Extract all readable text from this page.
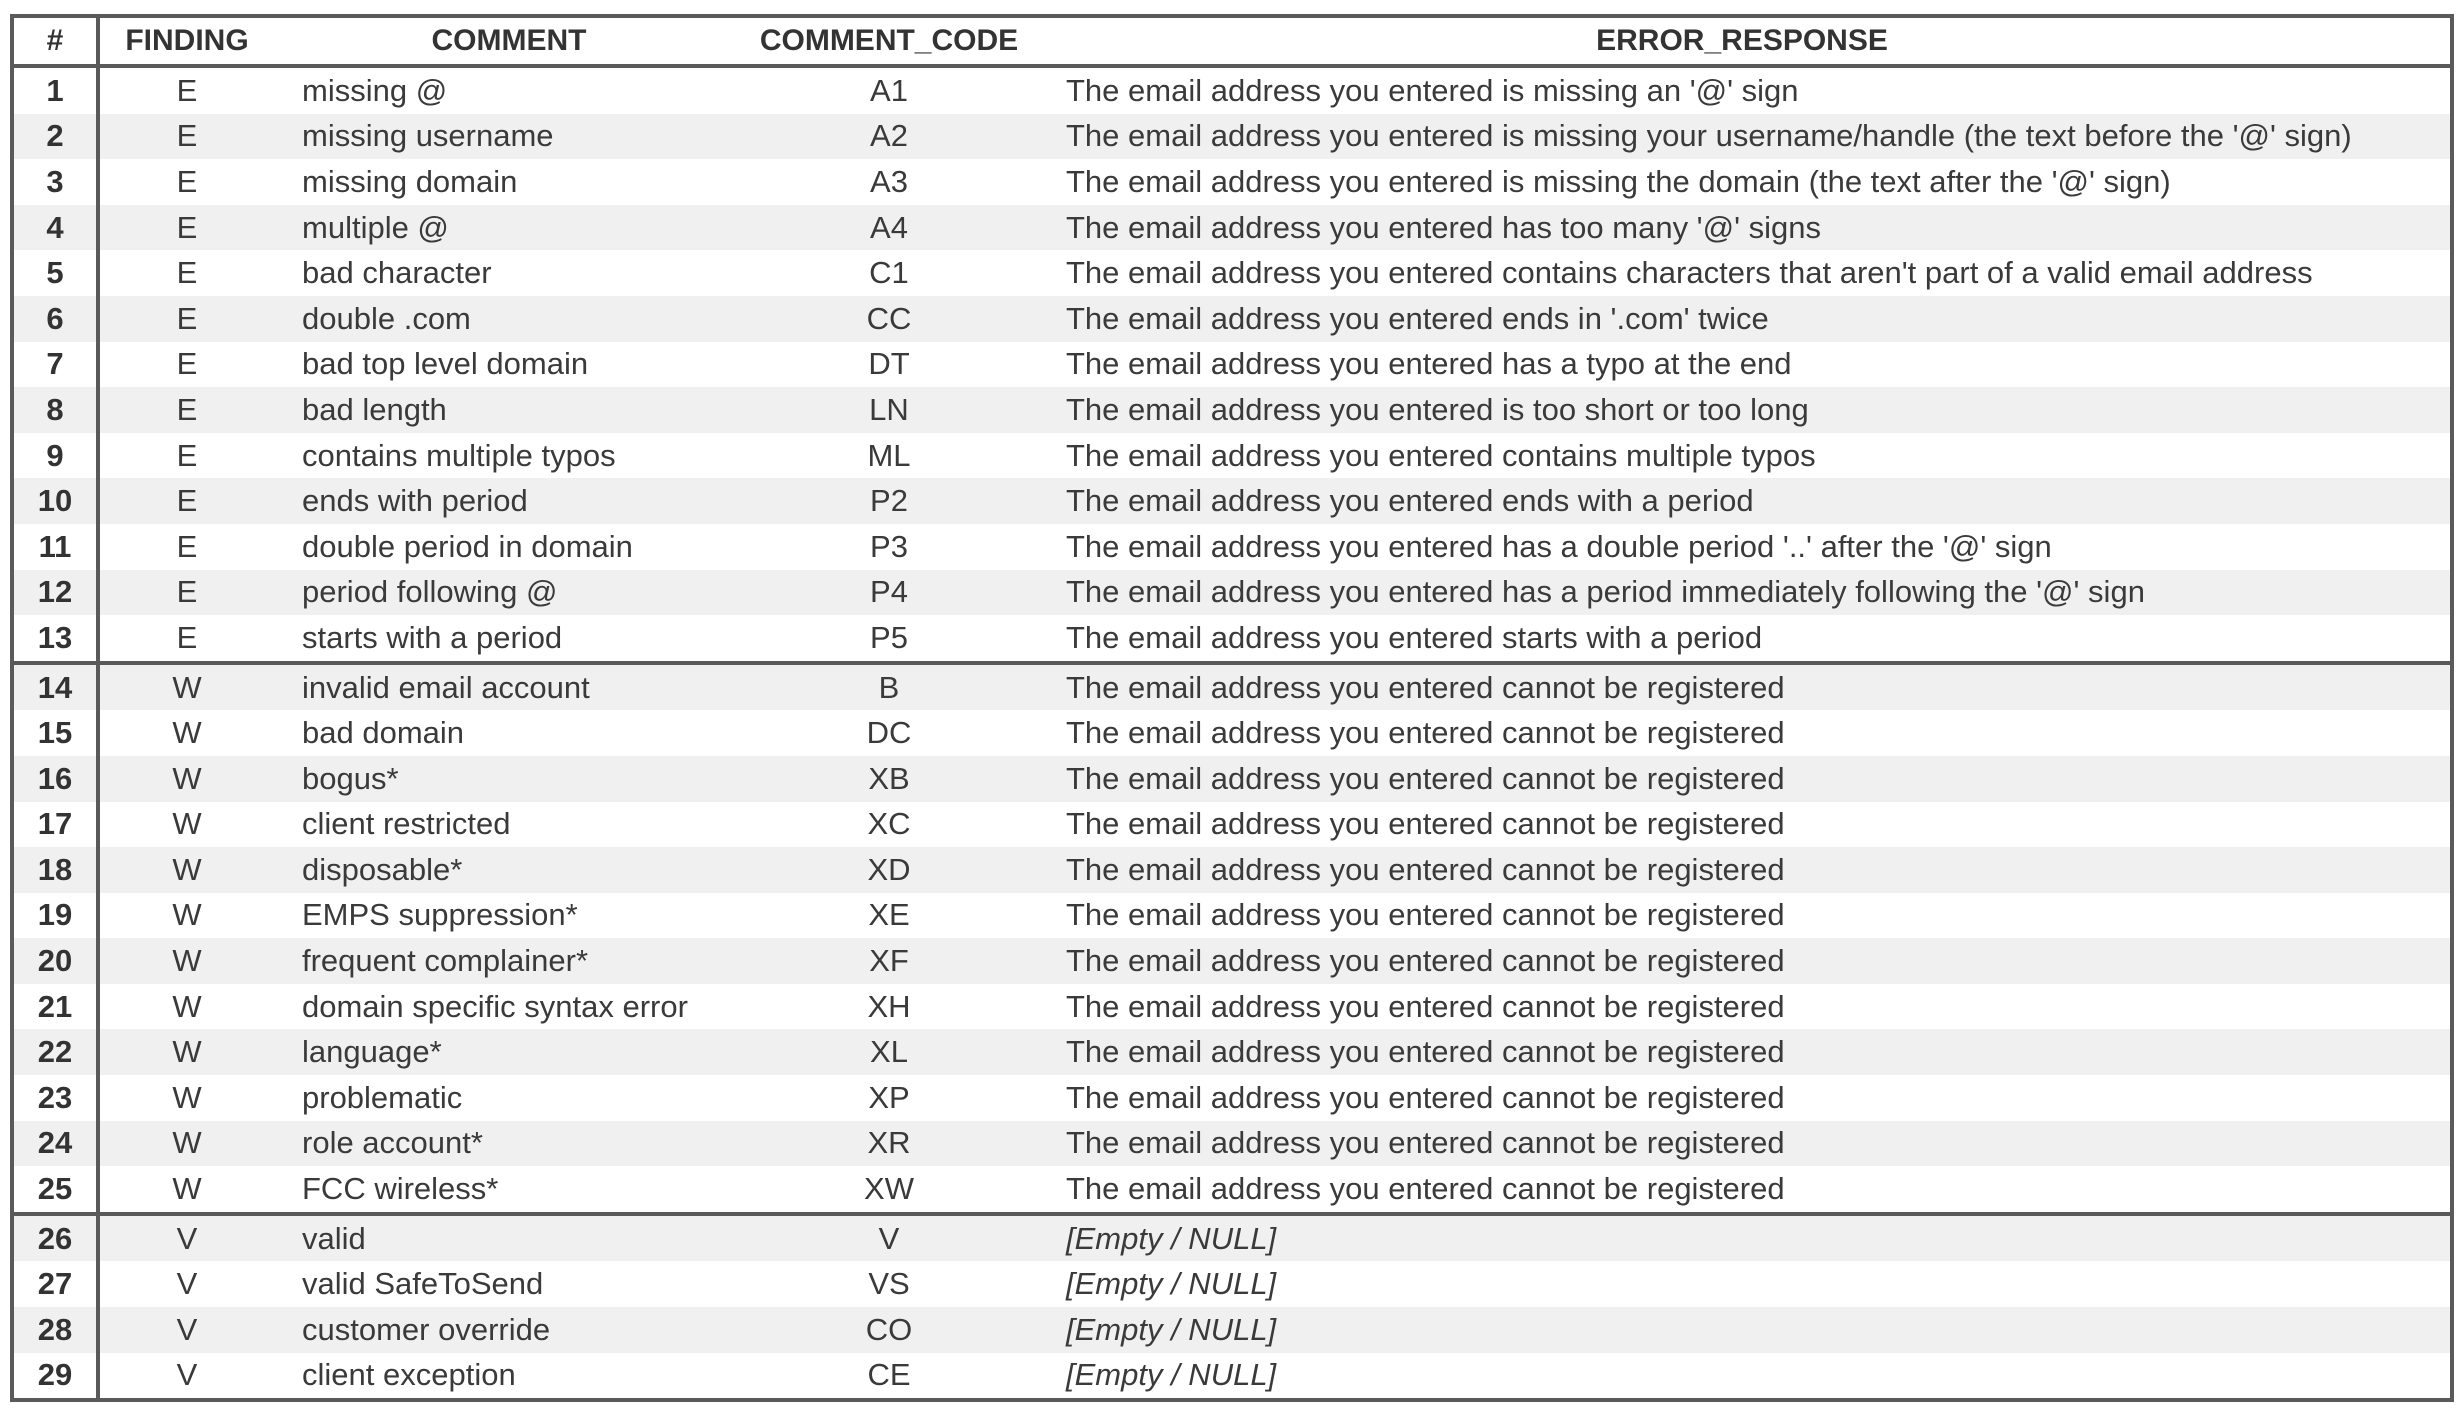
#	FINDING	COMMENT	COMMENT_CODE	ERROR_RESPONSE
1	E	missing @	A1	The email address you entered is missing an '@' sign
2	E	missing username	A2	The email address you entered is missing your username/handle (the text before the '@' sign)
3	E	missing domain	A3	The email address you entered is missing the domain (the text after the '@' sign)
4	E	multiple @	A4	The email address you entered has too many '@' signs
5	E	bad character	C1	The email address you entered contains characters that aren't part of a valid email address
6	E	double .com	CC	The email address you entered ends in '.com' twice
7	E	bad top level domain	DT	The email address you entered has a typo at the end
8	E	bad length	LN	The email address you entered is too short or too long
9	E	contains multiple typos	ML	The email address you entered contains multiple typos
10	E	ends with period	P2	The email address you entered ends with a period
11	E	double period in domain	P3	The email address you entered has a double period '..' after the '@' sign
12	E	period following @	P4	The email address you entered has a period immediately following the '@' sign
13	E	starts with a period	P5	The email address you entered starts with a period
14	W	invalid email account	B	The email address you entered cannot be registered
15	W	bad domain	DC	The email address you entered cannot be registered
16	W	bogus*	XB	The email address you entered cannot be registered
17	W	client restricted	XC	The email address you entered cannot be registered
18	W	disposable*	XD	The email address you entered cannot be registered
19	W	EMPS suppression*	XE	The email address you entered cannot be registered
20	W	frequent complainer*	XF	The email address you entered cannot be registered
21	W	domain specific syntax error	XH	The email address you entered cannot be registered
22	W	language*	XL	The email address you entered cannot be registered
23	W	problematic	XP	The email address you entered cannot be registered
24	W	role account*	XR	The email address you entered cannot be registered
25	W	FCC wireless*	XW	The email address you entered cannot be registered
26	V	valid	V	[Empty / NULL]
27	V	valid SafeToSend	VS	[Empty / NULL]
28	V	customer override	CO	[Empty / NULL]
29	V	client exception	CE	[Empty / NULL]
